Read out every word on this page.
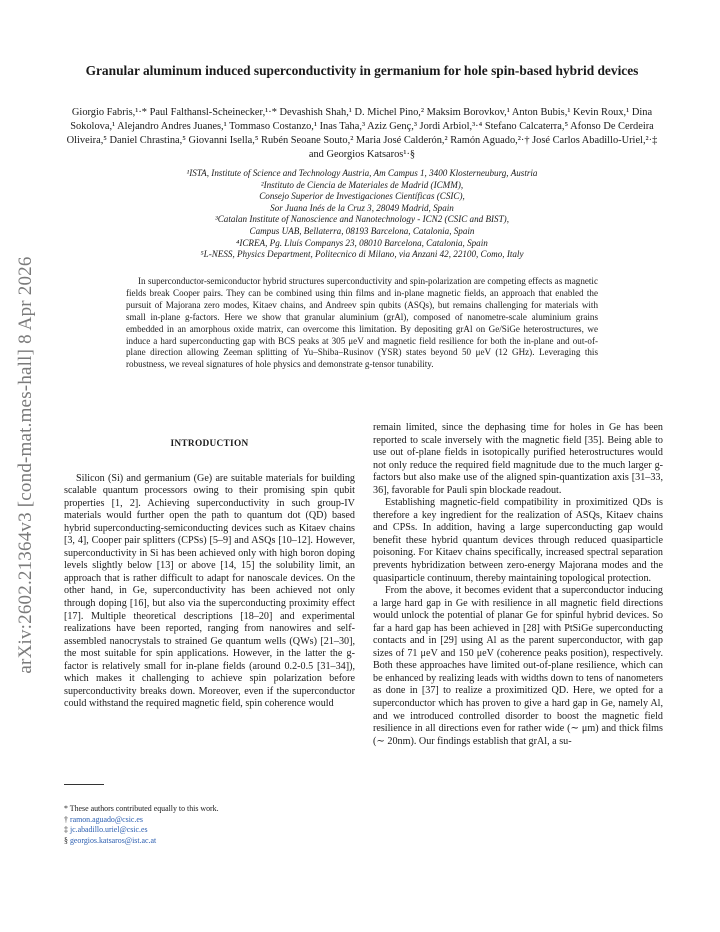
arXiv:2602.21364v3 [cond-mat.mes-hall] 8 Apr 2026
Granular aluminum induced superconductivity in germanium for hole spin-based hybrid devices
Giorgio Fabris,¹·* Paul Falthansl-Scheinecker,¹·* Devashish Shah,¹ D. Michel Pino,² Maksim Borovkov,¹ Anton Bubis,¹ Kevin Roux,¹ Dina Sokolova,¹ Alejandro Andres Juanes,¹ Tommaso Costanzo,¹ Inas Taha,³ Aziz Genç,³ Jordi Arbiol,³·⁴ Stefano Calcaterra,⁵ Afonso De Cerdeira Oliveira,⁵ Daniel Chrastina,⁵ Giovanni Isella,⁵ Rubén Seoane Souto,² Maria José Calderón,² Ramón Aguado,²·† José Carlos Abadillo-Uriel,²·‡ and Georgios Katsaros¹·§
¹ISTA, Institute of Science and Technology Austria, Am Campus 1, 3400 Klosterneuburg, Austria
²Instituto de Ciencia de Materiales de Madrid (ICMM),
Consejo Superior de Investigaciones Científicas (CSIC),
Sor Juana Inés de la Cruz 3, 28049 Madrid, Spain
³Catalan Institute of Nanoscience and Nanotechnology - ICN2 (CSIC and BIST),
Campus UAB, Bellaterra, 08193 Barcelona, Catalonia, Spain
⁴ICREA, Pg. Lluís Companys 23, 08010 Barcelona, Catalonia, Spain
⁵L-NESS, Physics Department, Politecnico di Milano, via Anzani 42, 22100, Como, Italy
In superconductor-semiconductor hybrid structures superconductivity and spin-polarization are competing effects as magnetic fields break Cooper pairs. They can be combined using thin films and in-plane magnetic fields, an approach that enabled the pursuit of Majorana zero modes, Kitaev chains, and Andreev spin qubits (ASQs), but remains challenging for materials with small in-plane g-factors. Here we show that granular aluminium (grAl), composed of nanometre-scale aluminium grains embedded in an amorphous oxide matrix, can overcome this limitation. By depositing grAl on Ge/SiGe heterostructures, we induce a hard superconducting gap with BCS peaks at 305 μeV and magnetic field resilience for both the in-plane and out-of-plane direction allowing Zeeman splitting of Yu–Shiba–Rusinov (YSR) states beyond 50 μeV (12 GHz). Leveraging this robustness, we reveal signatures of hole physics and demonstrate g-tensor tunability.
INTRODUCTION

Silicon (Si) and germanium (Ge) are suitable materials for building scalable quantum processors owing to their promising spin qubit properties [1, 2]. Achieving superconductivity in such group-IV materials would further open the path to quantum dot (QD) based hybrid superconducting-semiconducting devices such as Kitaev chains [3, 4], Cooper pair splitters (CPSs) [5–9] and ASQs [10–12]. However, superconductivity in Si has been achieved only with high boron doping levels slightly below [13] or above [14, 15] the solubility limit, an approach that is rather difficult to adapt for nanoscale devices. On the other hand, in Ge, superconductivity has been achieved not only through doping [16], but also via the superconducting proximity effect [17]. Multiple theoretical descriptions [18–20] and experimental realizations have been reported, ranging from nanowires and self-assembled nanocrystals to strained Ge quantum wells (QWs) [21–30], the most suitable for spin applications. However, in the latter the g-factor is relatively small for in-plane fields (around 0.2-0.5 [31–34]), which makes it challenging to achieve spin polarization before superconductivity breaks down. Moreover, even if the superconductor could withstand the required magnetic field, spin coherence would

remain limited, since the dephasing time for holes in Ge has been reported to scale inversely with the magnetic field [35]. Being able to use out of-plane fields in isotopically purified heterostructures would not only reduce the required field magnitude due to the much larger g-factors but also make use of the aligned spin-quantization axis [31–33, 36], favorable for Pauli spin blockade readout.

Establishing magnetic-field compatibility in proximitized QDs is therefore a key ingredient for the realization of ASQs, Kitaev chains and CPSs. In addition, having a large superconducting gap would benefit these hybrid quantum devices through reduced quasiparticle poisoning. For Kitaev chains specifically, increased spectral separation prevents hybridization between zero-energy Majorana modes and the quasiparticle continuum, thereby maintaining topological protection.

From the above, it becomes evident that a superconductor inducing a large hard gap in Ge with resilience in all magnetic field directions would unlock the potential of planar Ge for spinful hybrid devices. So far a hard gap has been achieved in [28] with PtSiGe superconducting contacts and in [29] using Al as the parent superconductor, with gap sizes of 71 μeV and 150 μeV (coherence peaks position), respectively. Both these approaches have limited out-of-plane resilience, which can be enhanced by realizing leads with widths down to tens of nanometers as done in [37] to realize a proximitized QD. Here, we opted for a superconductor which has proven to give a hard gap in Ge, namely Al, and we introduced controlled disorder to boost the magnetic field resilience in all directions even for rather wide (∼ μm) and thick films (∼ 20nm). Our findings establish that grAl, a su-

* These authors contributed equally to this work.
† ramon.aguado@csic.es
‡ jc.abadillo.uriel@csic.es
§ georgios.katsaros@ist.ac.at
